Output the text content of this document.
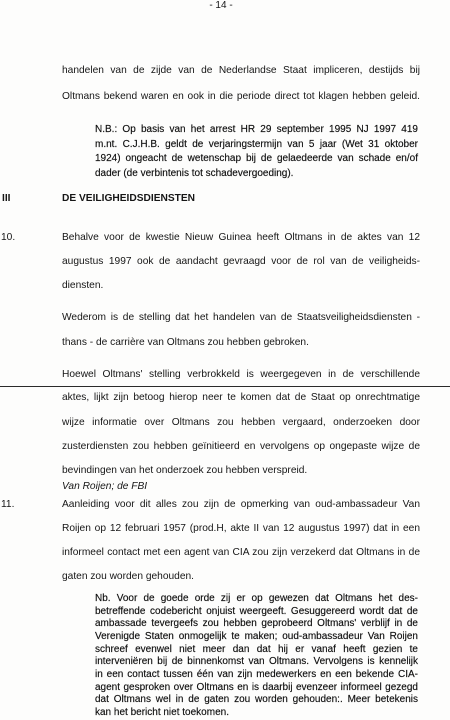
- 14 -
handelen van de zijde van de Nederlandse Staat impliceren, destijds bij
Oltmans bekend waren en ook in die periode direct tot klagen hebben geleid.
N.B.: Op basis van het arrest HR 29 september 1995 NJ 1997 419
m.nt. C.J.H.B. geldt de verjaringstermijn van 5 jaar (Wet 31 oktober
1924) ongeacht de wetenschap bij de gelaedeerde van schade en/of
dader (de verbintenis tot schadevergoeding).
III	DE VEILIGHEIDSDIENSTEN
10.	Behalve voor de kwestie Nieuw Guinea heeft Oltmans in de aktes van 12
augustus 1997 ook de aandacht gevraagd voor de rol van de veiligheids-
diensten.
Wederom is de stelling dat het handelen van de Staatsveiligheidsdiensten -
thans - de carrière van Oltmans zou hebben gebroken.
Hoewel Oltmans' stelling verbrokkeld is weergegeven in de verschillende
aktes, lijkt zijn betoog hierop neer te komen dat de Staat op onrechtmatige
wijze informatie over Oltmans zou hebben vergaard, onderzoeken door
zusterdiensten zou hebben geïnitieerd en vervolgens op ongepaste wijze de
bevindingen van het onderzoek zou hebben verspreid.
Van Roijen; de FBI
11.	Aanleiding voor dit alles zou zijn de opmerking van oud-ambassadeur Van
Roijen op 12 februari 1957 (prod.H, akte II van 12 augustus 1997) dat in een
informeel contact met een agent van CIA zou zijn verzekerd dat Oltmans in de
gaten zou worden gehouden.
Nb. Voor de goede orde zij er op gewezen dat Oltmans het des-
betreffende codebericht onjuist weergeeft. Gesuggereerd wordt dat de
ambassade tevergeefs zou hebben geprobeerd Oltmans' verblijf in de
Verenigde Staten onmogelijk te maken; oud-ambassadeur Van Roijen
schreef evenwel niet meer dan dat hij er vanaf heeft gezien te
interveniëren bij de binnenkomst van Oltmans. Vervolgens is kennelijk
in een contact tussen één van zijn medewerkers en een bekende CIA-
agent gesproken over Oltmans en is daarbij evenzeer informeel gezegd
dat Oltmans wel in de gaten zou worden gehouden:. Meer betekenis
kan het bericht niet toekomen.
